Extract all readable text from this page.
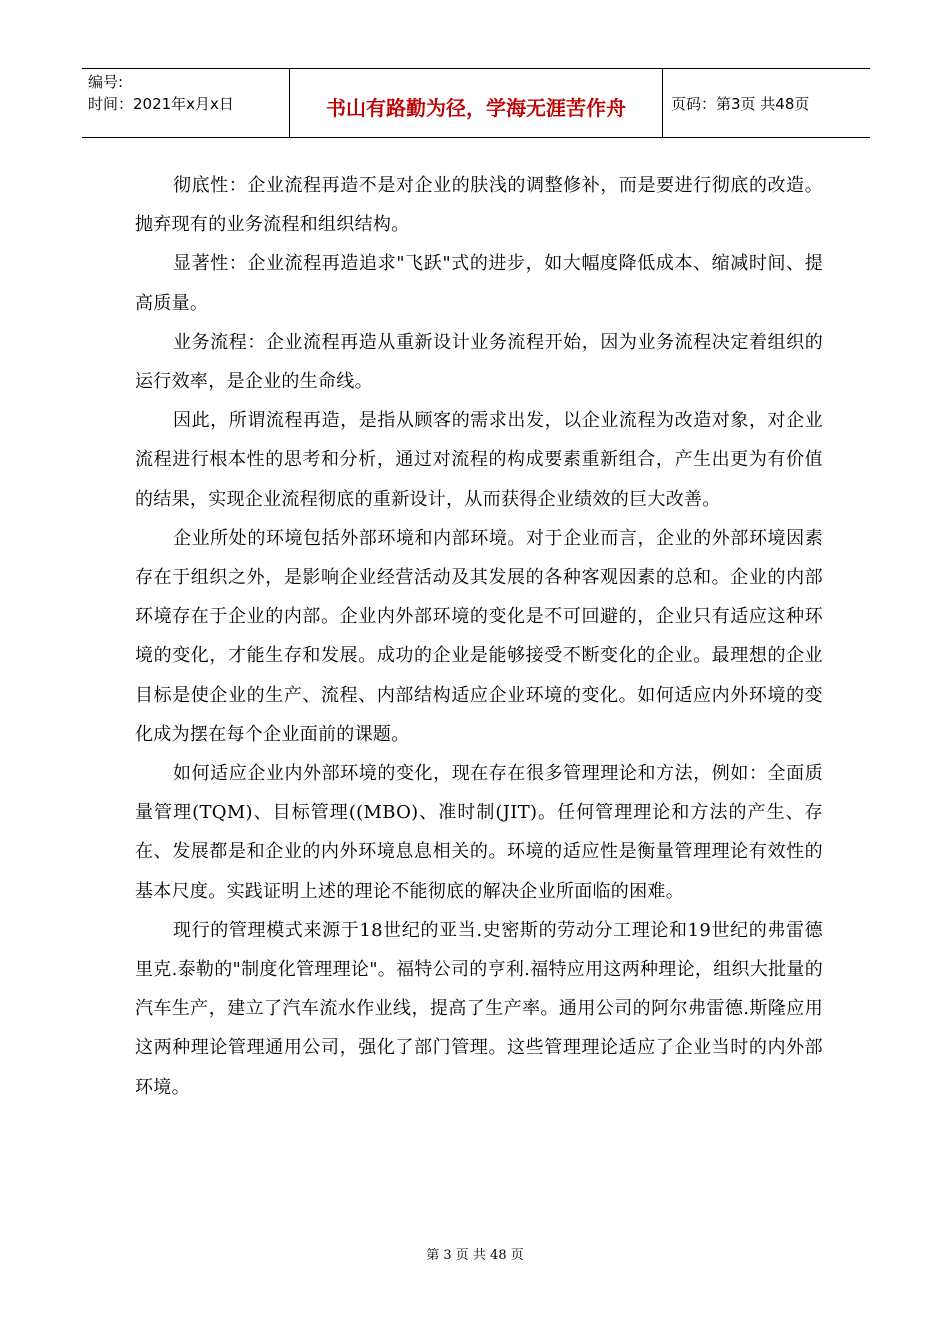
编号:
时间：2021年x月x日	书山有路勤为径，学海无涯苦作舟	页码：第3页 共48页

彻底性：企业流程再造不是对企业的肤浅的调整修补，而是要进行彻底的改造。抛弃现有的业务流程和组织结构。

显著性：企业流程再造追求"飞跃"式的进步，如大幅度降低成本、缩减时间、提高质量。

业务流程：企业流程再造从重新设计业务流程开始，因为业务流程决定着组织的运行效率，是企业的生命线。

因此，所谓流程再造，是指从顾客的需求出发，以企业流程为改造对象，对企业流程进行根本性的思考和分析，通过对流程的构成要素重新组合，产生出更为有价值的结果，实现企业流程彻底的重新设计，从而获得企业绩效的巨大改善。

企业所处的环境包括外部环境和内部环境。对于企业而言，企业的外部环境因素存在于组织之外，是影响企业经营活动及其发展的各种客观因素的总和。企业的内部环境存在于企业的内部。企业内外部环境的变化是不可回避的，企业只有适应这种环境的变化，才能生存和发展。成功的企业是能够接受不断变化的企业。最理想的企业目标是使企业的生产、流程、内部结构适应企业环境的变化。如何适应内外环境的变化成为摆在每个企业面前的课题。

如何适应企业内外部环境的变化，现在存在很多管理理论和方法，例如：全面质量管理(TQM)、目标管理((MBO)、准时制(JIT)。任何管理理论和方法的产生、存在、发展都是和企业的内外环境息息相关的。环境的适应性是衡量管理理论有效性的基本尺度。实践证明上述的理论不能彻底的解决企业所面临的困难。

现行的管理模式来源于18世纪的亚当.史密斯的劳动分工理论和19世纪的弗雷德里克.泰勒的"制度化管理理论"。福特公司的亨利.福特应用这两种理论，组织大批量的汽车生产，建立了汽车流水作业线，提高了生产率。通用公司的阿尔弗雷德.斯隆应用这两种理论管理通用公司，强化了部门管理。这些管理理论适应了企业当时的内外部环境。

第 3 页 共 48 页
